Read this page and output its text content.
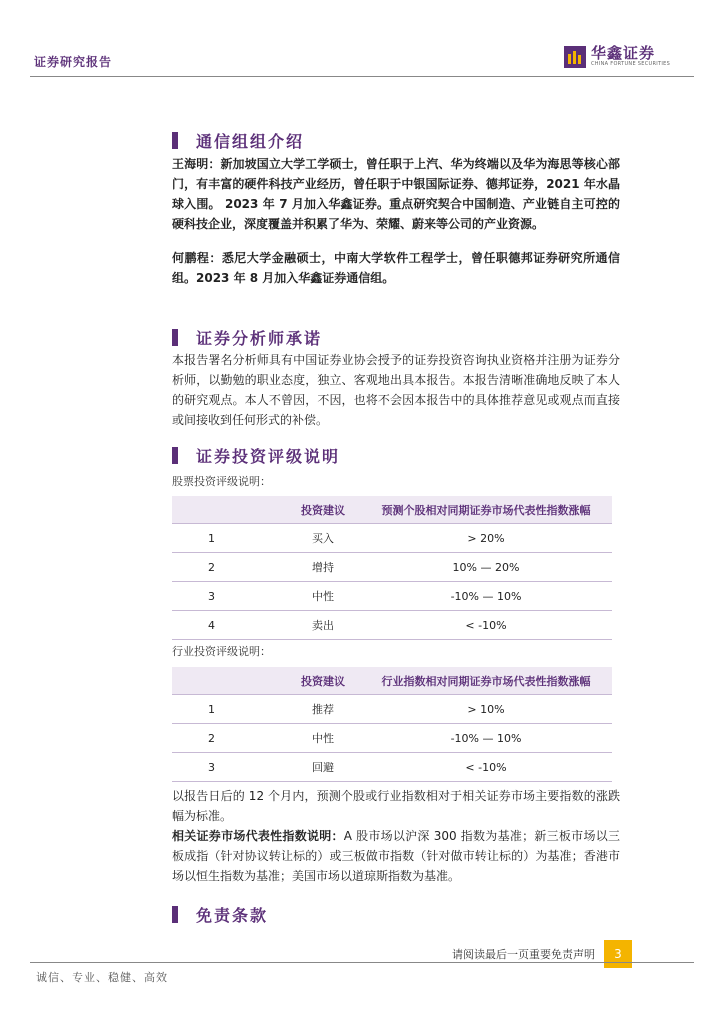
证券研究报告	华鑫证券
CHINA FORTUNE SECURITIES
通信组组介绍

王海明：新加坡国立大学工学硕士，曾任职于上汽、华为终端以及华为海思等核心部门，有丰富的硬件科技产业经历，曾任职于中银国际证券、德邦证券，2021 年水晶球入围。 2023 年 7 月加入华鑫证券。重点研究契合中国制造、产业链自主可控的硬科技企业，深度覆盖并积累了华为、荣耀、蔚来等公司的产业资源。

何鹏程：悉尼大学金融硕士，中南大学软件工程学士，曾任职德邦证券研究所通信组。2023 年 8 月加入华鑫证券通信组。

证券分析师承诺

本报告署名分析师具有中国证券业协会授予的证券投资咨询执业资格并注册为证券分析师，以勤勉的职业态度，独立、客观地出具本报告。本报告清晰准确地反映了本人的研究观点。本人不曾因，不因，也将不会因本报告中的具体推荐意见或观点而直接或间接收到任何形式的补偿。

证券投资评级说明
股票投资评级说明：
	投资建议	预测个股相对同期证券市场代表性指数涨幅
1	买入	> 20%
2	增持	10% — 20%
3	中性	-10% — 10%
4	卖出	< -10%
行业投资评级说明：
	投资建议	行业指数相对同期证券市场代表性指数涨幅
1	推荐	> 10%
2	中性	-10% — 10%
3	回避	< -10%

以报告日后的 12 个月内，预测个股或行业指数相对于相关证券市场主要指数的涨跌幅为标准。

相关证券市场代表性指数说明：A 股市场以沪深 300 指数为基准；新三板市场以三板成指（针对协议转让标的）或三板做市指数（针对做市转让标的）为基准；香港市场以恒生指数为基准；美国市场以道琼斯指数为基准。

免责条款
请阅读最后一页重要免责声明	3
诚信、专业、稳健、高效
